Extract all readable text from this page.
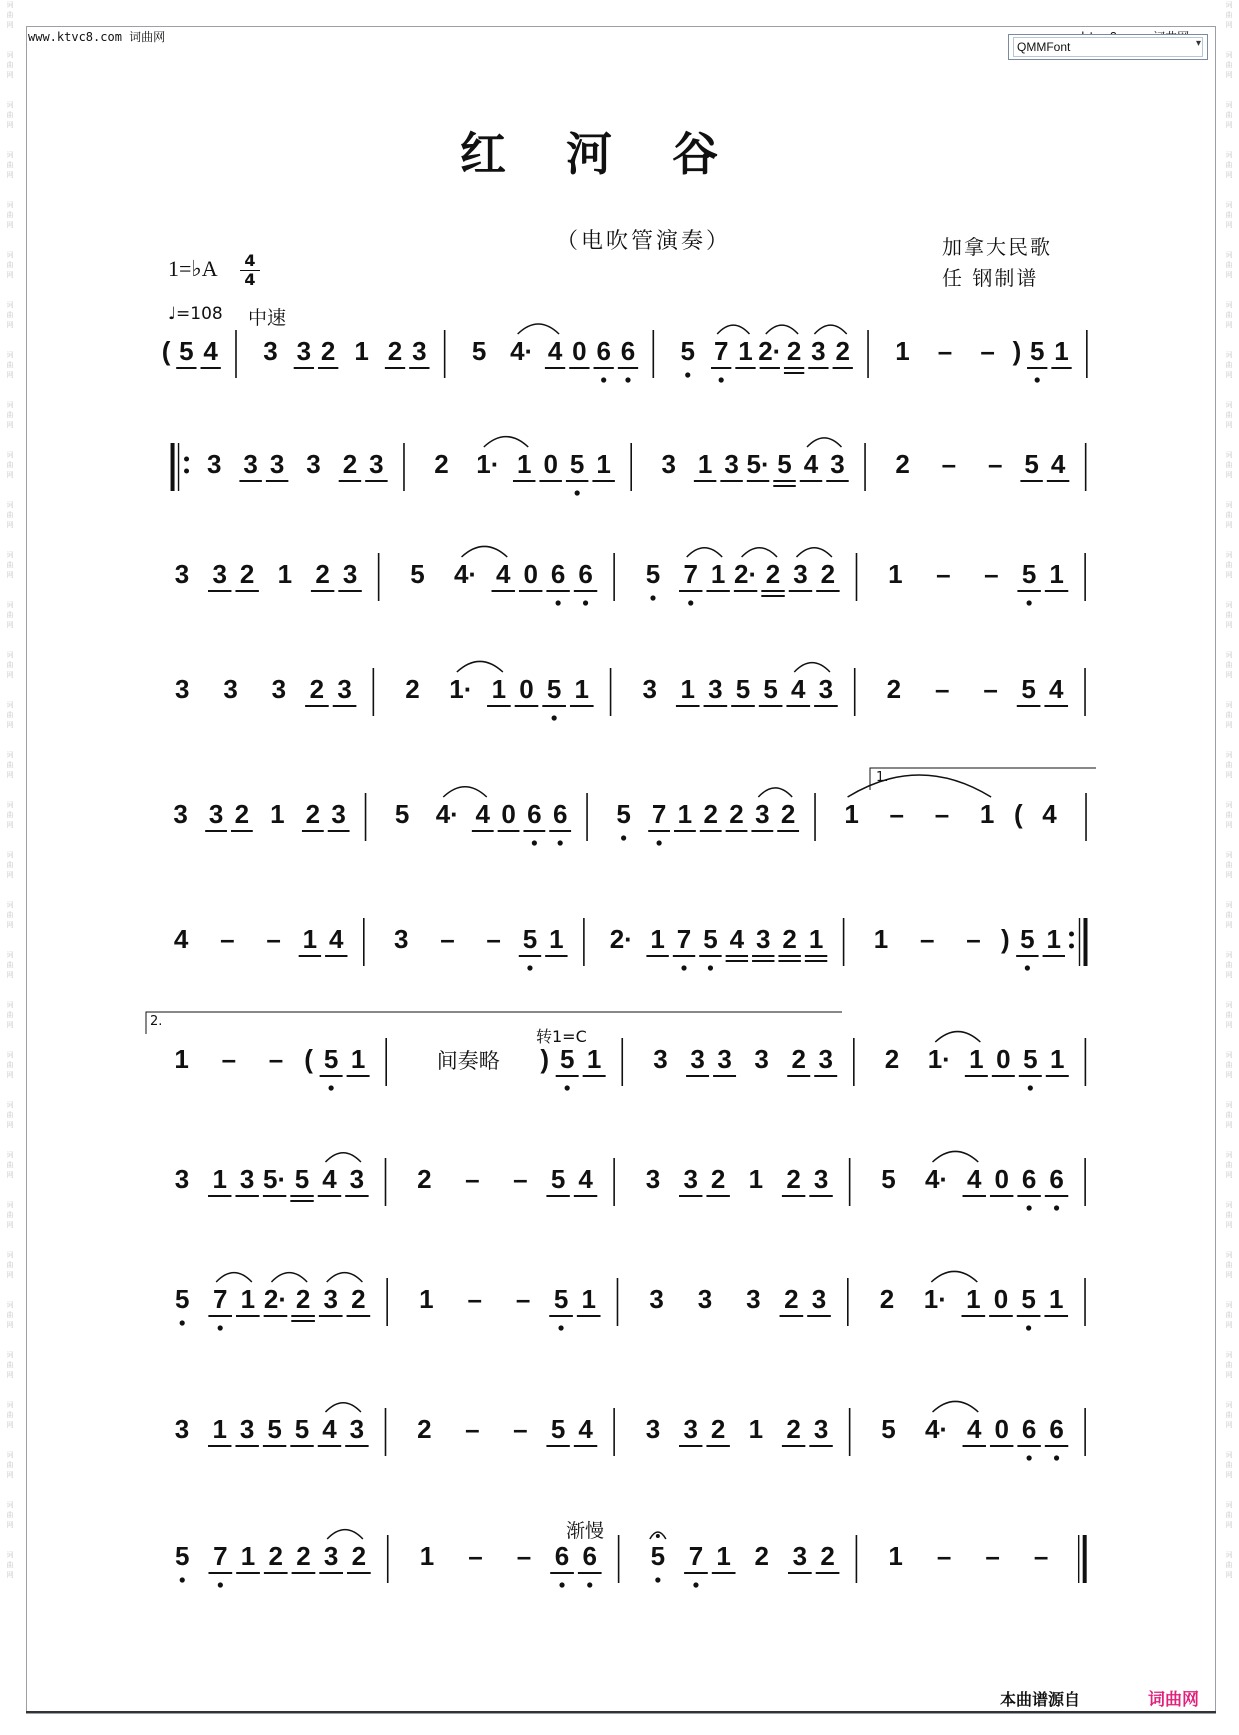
词
曲
网

词
曲
网

词
曲
网

词
曲
网

词
曲
网

词
曲
网

词
曲
网

词
曲
网

词
曲
网

词
曲
网

词
曲
网

词
曲
网

词
曲
网

词
曲
网

词
曲
网

词
曲
网

词
曲
网

词
曲
网

词
曲
网

词
曲
网

词
曲
网

词
曲
网

词
曲
网

词
曲
网

词
曲
网

词
曲
网

词
曲
网

词
曲
网

词
曲
网

词
曲
网

词
曲
网

词
曲
网

词
曲
网

词
曲
网

词
曲
网

词
曲
网

词
曲
网

词
曲
网

词
曲
网

词
曲
网

词
曲
网

词
曲
网

词
曲
网

词
曲
网

词
曲
网

词
曲
网

词
曲
网

词
曲
网

词
曲
网

词
曲
网

词
曲
网

词
曲
网

词
曲
网

词
曲
网

词
曲
网

词
曲
网

词
曲
网

词
曲
网

词
曲
网

词
曲
网

词
曲
网

词
曲
网

词
曲
网

词
曲
网

www.ktvc8.com 词曲网
QMMFont	▾
红河谷
（电吹管演奏）	加拿大民歌
任 钢制谱
1=♭A 4
4
♩=108 中速
( 5 4 3 3 2 1 2 3 5 4· 4 0 6 6 5 7 1 2· 2 3 2 1 – – ) 5 1
3 3 3 3 2 3 2 1· 1 0 5 1 3 1 3 5· 5 4 3 2 – – 5 4
3 3 2 1 2 3 5 4· 4 0 6 6 5 7 1 2· 2 3 2 1 – – 5 1
3 3 3 2 3 2 1· 1 0 5 1 3 1 3 5 5 4 3 2 – – 5 4
3 3 2 1 2 3 5 4· 4 0 6 6 5 7 1 2 2 3 2 1 – – 1 ( 4
4 – – 1 4 3 – – 5 1 2· 1 7 5 4 3 2 1 1 – – ) 5 1
1 – – ( 5 1	间奏略 ) 5 1 3 3 3 3 2 3 2 1· 1 0 5 1
3 1 3 5· 5 4 3 2 – – 5 4 3 3 2 1 2 3 5 4· 4 0 6 6
5 7 1 2· 2 3 2 1 – – 5 1 3 3 3 2 3 2 1· 1 0 5 1
3 1 3 5 5 4 3 2 – – 5 4 3 3 2 1 2 3 5 4· 4 0 6 6
5 7 1 2 2 3 2 1 – – 6 6 5 7 1 2 3 2 1 – – –
1.
2.
转1=C
渐慢
本曲谱源自	词曲网
